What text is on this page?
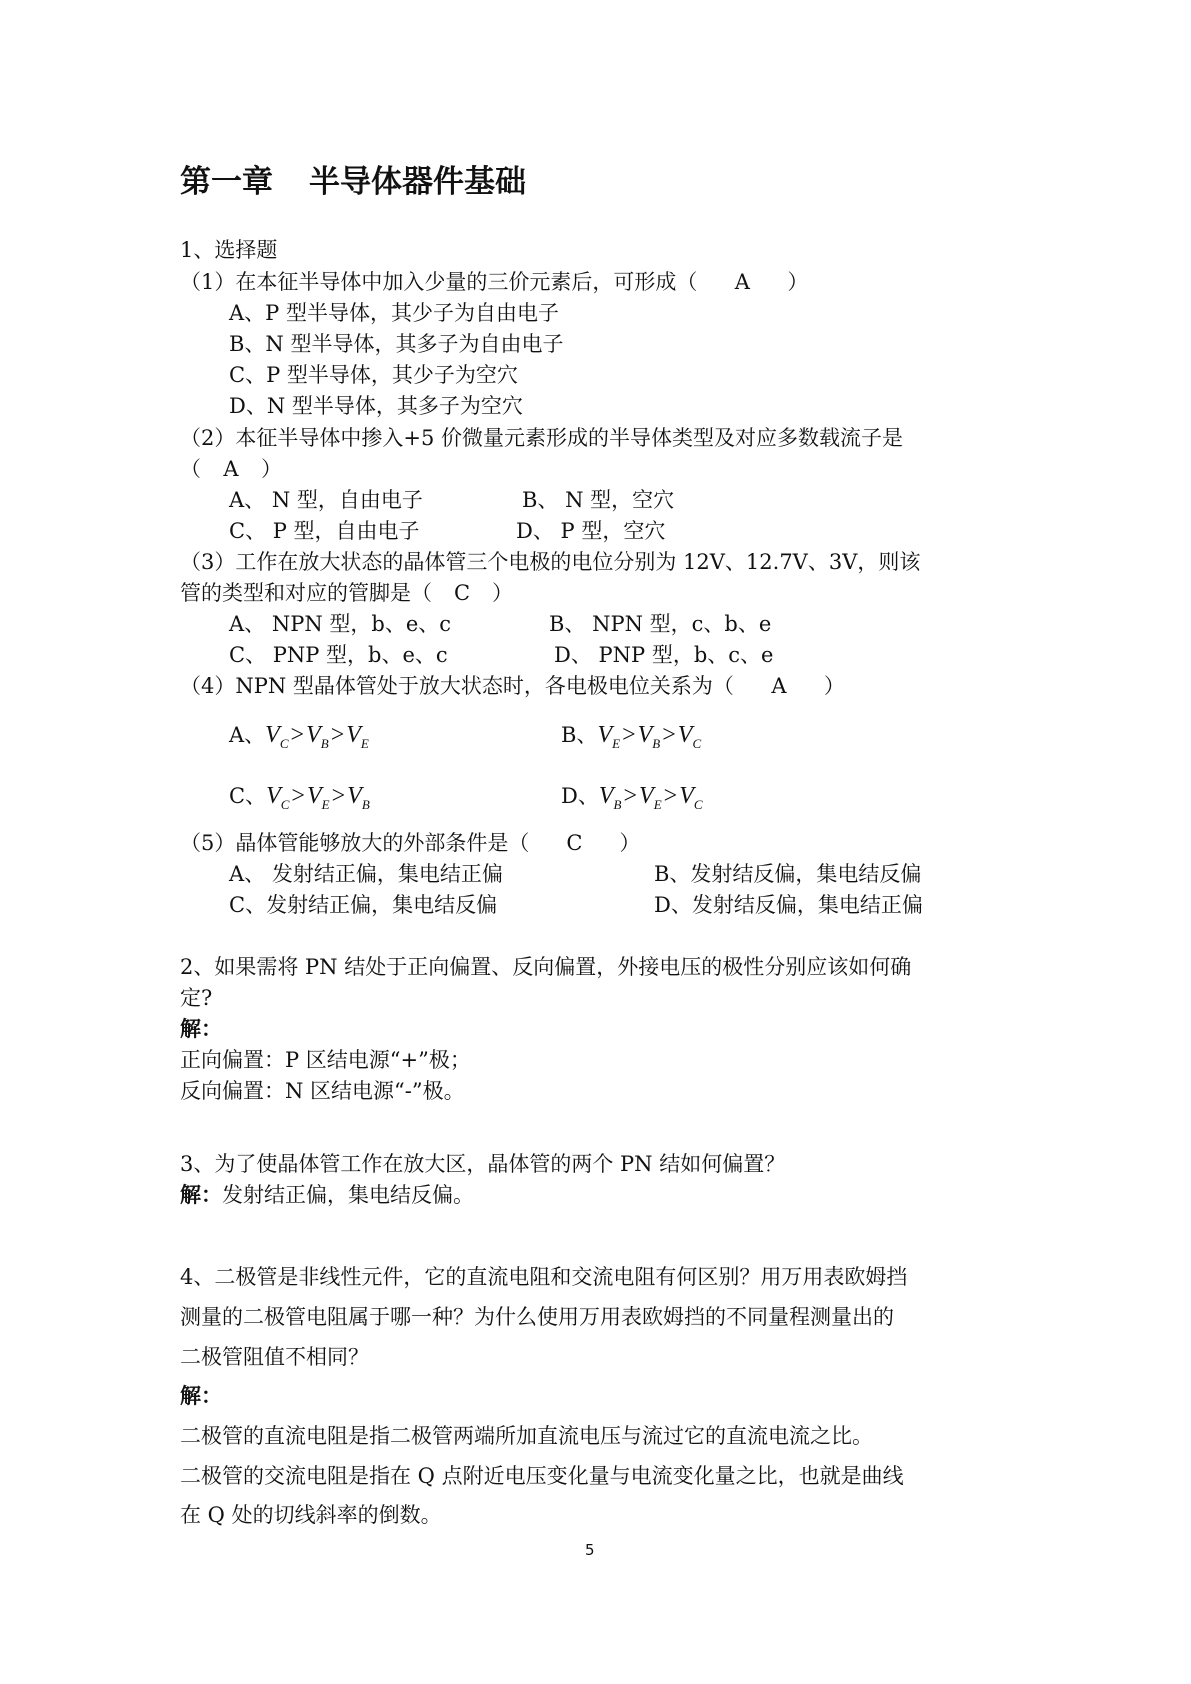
第一章 半导体器件基础
1、选择题
（1）在本征半导体中加入少量的三价元素后，可形成（ A ）
A、P 型半导体，其少子为自由电子
B、N 型半导体，其多子为自由电子
C、P 型半导体，其少子为空穴
D、N 型半导体，其多子为空穴
（2）本征半导体中掺入+5 价微量元素形成的半导体类型及对应多数载流子是
（ A ）
A、 N 型，自由电子	B、 N 型，空穴
C、 P 型，自由电子	D、 P 型，空穴
（3）工作在放大状态的晶体管三个电极的电位分别为 12V、12.7V、3V，则该
管的类型和对应的管脚是（ C ）
A、 NPN 型，b、e、c	B、 NPN 型，c、b、e
C、 PNP 型，b、e、c	D、 PNP 型，b、c、e
（4）NPN 型晶体管处于放大状态时，各电极电位关系为（ A ）
A、$V_C>V_B>V_E$	B、$V_E>V_B>V_C$
C、$V_C>V_E>V_B$	D、$V_B>V_E>V_C$
（5）晶体管能够放大的外部条件是（ C ）
A、 发射结正偏，集电结正偏	B、发射结反偏，集电结反偏
C、发射结正偏，集电结反偏	D、发射结反偏，集电结正偏
2、如果需将 PN 结处于正向偏置、反向偏置，外接电压的极性分别应该如何确
定?
解：
正向偏置：P 区结电源“+”极；
反向偏置：N 区结电源“-”极。
3、为了使晶体管工作在放大区，晶体管的两个 PN 结如何偏置？
解：发射结正偏，集电结反偏。
4、二极管是非线性元件，它的直流电阻和交流电阻有何区别？用万用表欧姆挡
测量的二极管电阻属于哪一种？为什么使用万用表欧姆挡的不同量程测量出的
二极管阻值不相同？
解：
二极管的直流电阻是指二极管两端所加直流电压与流过它的直流电流之比。
二极管的交流电阻是指在 Q 点附近电压变化量与电流变化量之比，也就是曲线
在 Q 处的切线斜率的倒数。
5
